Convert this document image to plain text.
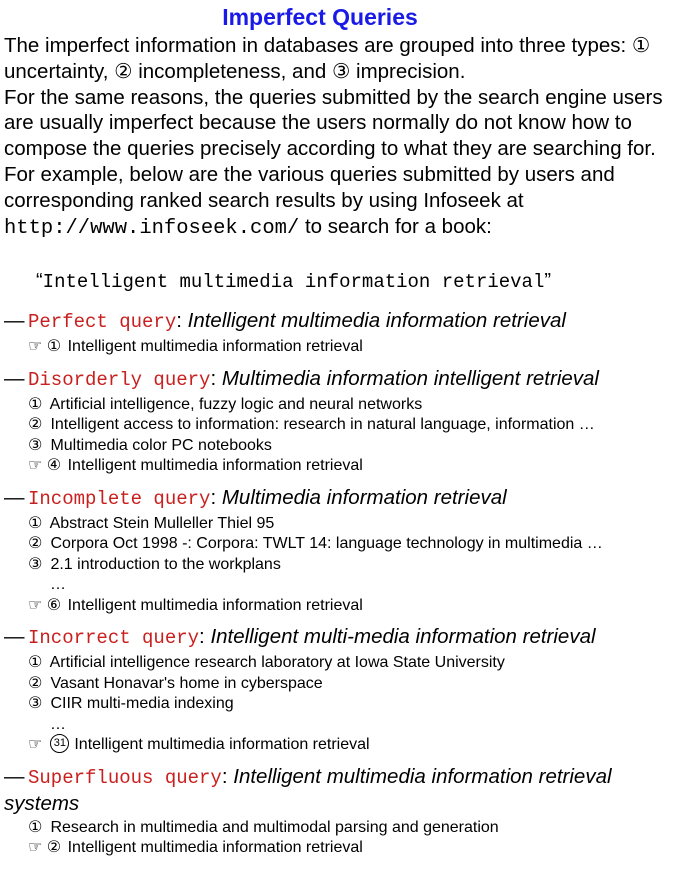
Imperfect Queries

The imperfect information in databases are grouped into three types: ① uncertainty, ② incompleteness, and ③ imprecision.

For the same reasons, the queries submitted by the search engine users are usually imperfect because the users normally do not know how to compose the queries precisely according to what they are searching for. For example, below are the various queries submitted by users and corresponding ranked search results by using Infoseek at http://www.infoseek.com/ to search for a book:

“Intelligent multimedia information retrieval”
— Perfect query: Intelligent multimedia information retrieval
☞ ① Intelligent multimedia information retrieval
— Disorderly query: Multimedia information intelligent retrieval
① Artificial intelligence, fuzzy logic and neural networks
② Intelligent access to information: research in natural language, information …
③ Multimedia color PC notebooks
☞ ④ Intelligent multimedia information retrieval
— Incomplete query: Multimedia information retrieval
① Abstract Stein Mulleller Thiel 95
② Corpora Oct 1998 -: Corpora: TWLT 14: language technology in multimedia …
③ 2.1 introduction to the workplans
…
☞ ⑥ Intelligent multimedia information retrieval
— Incorrect query: Intelligent multi-media information retrieval
① Artificial intelligence research laboratory at Iowa State University
② Vasant Honavar's home in cyberspace
③ CIIR multi-media indexing
…
☞ 31 Intelligent multimedia information retrieval
— Superfluous query: Intelligent multimedia information retrieval systems
① Research in multimedia and multimodal parsing and generation
☞ ② Intelligent multimedia information retrieval
